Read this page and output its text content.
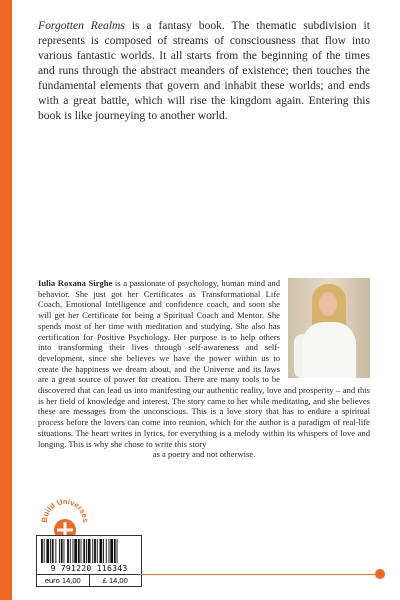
Forgotten Realms is a fantasy book. The thematic subdivision it represents is composed of streams of consciousness that flow into various fantastic worlds. It all starts from the beginning of the times and runs through the abstract meanders of existence; then touches the fundamental elements that govern and inhabit these worlds; and ends with a great battle, which will rise the kingdom again. Entering this book is like journeying to another world.

Iulia Roxana Sirghe is a passionate of psychology, human mind and behavior. She just got her Certificates as Transformational Life Coach, Emotional Intelligence and confidence coach, and soon she will get her Certificate for being a Spiritual Coach and Mentor. She spends most of her time with meditation and studying. She also has certification for Positive Psychology. Her purpose is to help others into transforming their lives through self-awareness and self-development, since she believes we have the power within us to create the happiness we dream about, and the Universe and its laws are a great source of power for creation. There are many tools to be discovered that can lead us into manifesting our authentic reality, love and prosperity – and this is her field of knowledge and interest. The story came to her while meditating, and she believes these are messages from the unconscious. This is a love story that has to endure a spiritual process before the lovers can come into reunion, which for the author is a paradigm of real-life situations. The heart writes in lyrics, for everything is a melody within its whispers of love and longing. This is why she chose to write this story
as a poetry and not otherwise.

Build Universes
9 791220 116343
euro 14,00	£ 14,00
